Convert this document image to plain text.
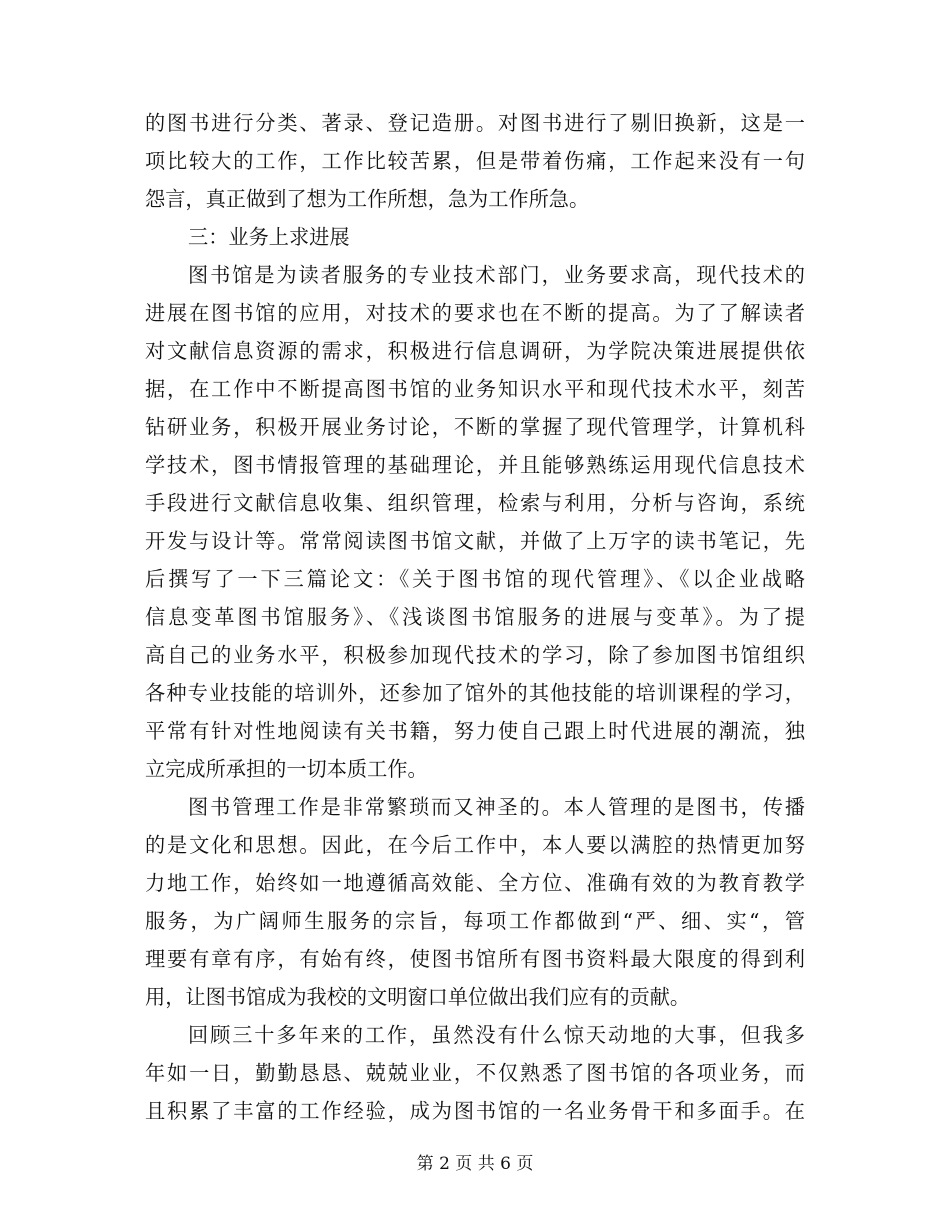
的图书进行分类、著录、登记造册。对图书进行了剔旧换新，这是一
项比较大的工作，工作比较苦累，但是带着伤痛，工作起来没有一句
怨言，真正做到了想为工作所想，急为工作所急。
三：业务上求进展
图书馆是为读者服务的专业技术部门，业务要求高，现代技术的
进展在图书馆的应用，对技术的要求也在不断的提高。为了了解读者
对文献信息资源的需求，积极进行信息调研，为学院决策进展提供依
据，在工作中不断提高图书馆的业务知识水平和现代技术水平，刻苦
钻研业务，积极开展业务讨论，不断的掌握了现代管理学，计算机科
学技术，图书情报管理的基础理论，并且能够熟练运用现代信息技术
手段进行文献信息收集、组织管理，检索与利用，分析与咨询，系统
开发与设计等。常常阅读图书馆文献，并做了上万字的读书笔记，先
后撰写了一下三篇论文：《关于图书馆的现代管理》、《以企业战略
信息变革图书馆服务》、《浅谈图书馆服务的进展与变革》。为了提
高自己的业务水平，积极参加现代技术的学习，除了参加图书馆组织
各种专业技能的培训外，还参加了馆外的其他技能的培训课程的学习，
平常有针对性地阅读有关书籍，努力使自己跟上时代进展的潮流，独
立完成所承担的一切本质工作。
图书管理工作是非常繁琐而又神圣的。本人管理的是图书，传播
的是文化和思想。因此，在今后工作中，本人要以满腔的热情更加努
力地工作，始终如一地遵循高效能、全方位、准确有效的为教育教学
服务，为广阔师生服务的宗旨，每项工作都做到“严、细、实“，管
理要有章有序，有始有终，使图书馆所有图书资料最大限度的得到利
用，让图书馆成为我校的文明窗口单位做出我们应有的贡献。
回顾三十多年来的工作，虽然没有什么惊天动地的大事，但我多
年如一日，勤勤恳恳、兢兢业业，不仅熟悉了图书馆的各项业务，而
且积累了丰富的工作经验，成为图书馆的一名业务骨干和多面手。在
第 2 页 共 6 页
